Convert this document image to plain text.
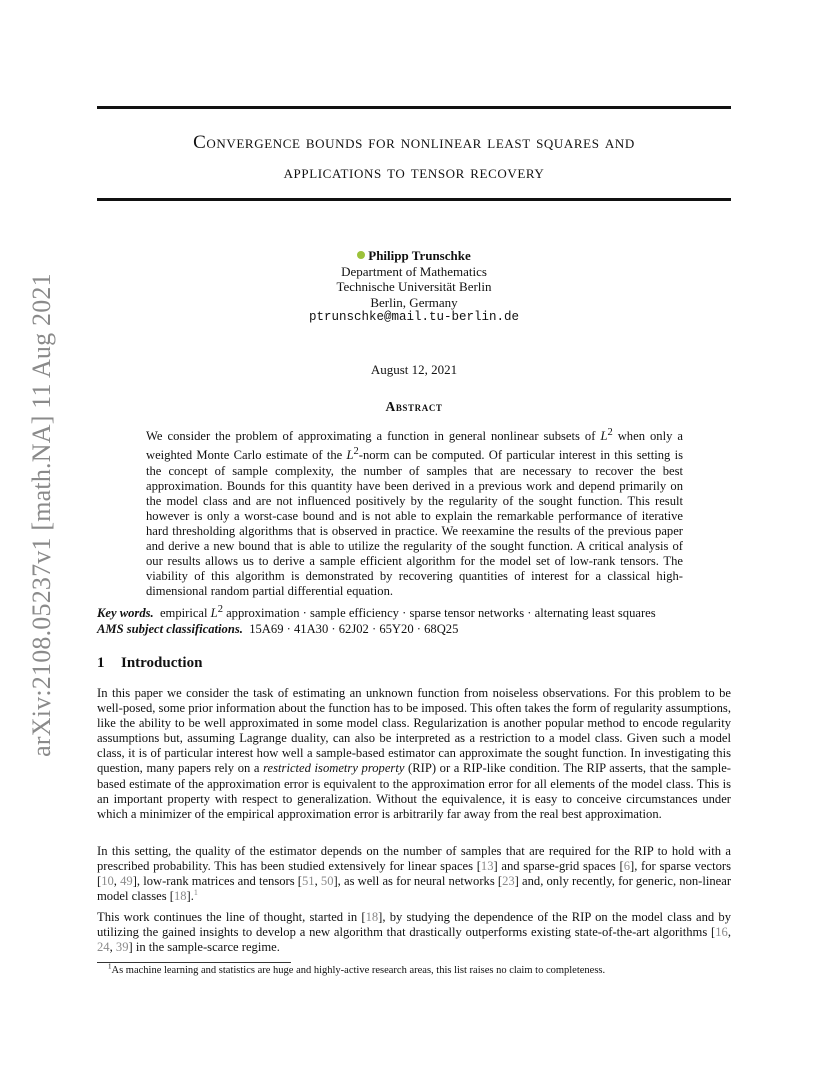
arXiv:2108.05237v1 [math.NA] 11 Aug 2021
Convergence bounds for nonlinear least squares and
applications to tensor recovery
Philipp Trunschke
Department of Mathematics
Technische Universität Berlin
Berlin, Germany
ptrunschke@mail.tu-berlin.de
August 12, 2021
Abstract

We consider the problem of approximating a function in general nonlinear subsets of $L^2$ when only a weighted Monte Carlo estimate of the $L^2$-norm can be computed. Of particular interest in this setting is the concept of sample complexity, the number of samples that are necessary to recover the best approximation. Bounds for this quantity have been derived in a previous work and depend primarily on the model class and are not influenced positively by the regularity of the sought function. This result however is only a worst-case bound and is not able to explain the remarkable performance of iterative hard thresholding algorithms that is observed in practice. We reexamine the results of the previous paper and derive a new bound that is able to utilize the regularity of the sought function. A critical analysis of our results allows us to derive a sample efficient algorithm for the model set of low-rank tensors. The viability of this algorithm is demonstrated by recovering quantities of interest for a classical high-dimensional random partial differential equation.

Key words. empirical $L^2$ approximation · sample efficiency · sparse tensor networks · alternating least squares
AMS subject classifications. 15A69 · 41A30 · 62J02 · 65Y20 · 68Q25
1 Introduction

In this paper we consider the task of estimating an unknown function from noiseless observations. For this problem to be well-posed, some prior information about the function has to be imposed. This often takes the form of regularity assumptions, like the ability to be well approximated in some model class. Regularization is another popular method to encode regularity assumptions but, assuming Lagrange duality, can also be interpreted as a restriction to a model class. Given such a model class, it is of particular interest how well a sample-based estimator can approximate the sought function. In investigating this question, many papers rely on a restricted isometry property (RIP) or a RIP-like condition. The RIP asserts, that the sample-based estimate of the approximation error is equivalent to the approximation error for all elements of the model class. This is an important property with respect to generalization. Without the equivalence, it is easy to conceive circumstances under which a minimizer of the empirical approximation error is arbitrarily far away from the real best approximation.

In this setting, the quality of the estimator depends on the number of samples that are required for the RIP to hold with a prescribed probability. This has been studied extensively for linear spaces [13] and sparse-grid spaces [6], for sparse vectors [10, 49], low-rank matrices and tensors [51, 50], as well as for neural networks [23] and, only recently, for generic, non-linear model classes [18].$^1$

This work continues the line of thought, started in [18], by studying the dependence of the RIP on the model class and by utilizing the gained insights to develop a new algorithm that drastically outperforms existing state-of-the-art algorithms [16, 24, 39] in the sample-scarce regime.

$^1$As machine learning and statistics are huge and highly-active research areas, this list raises no claim to completeness.
